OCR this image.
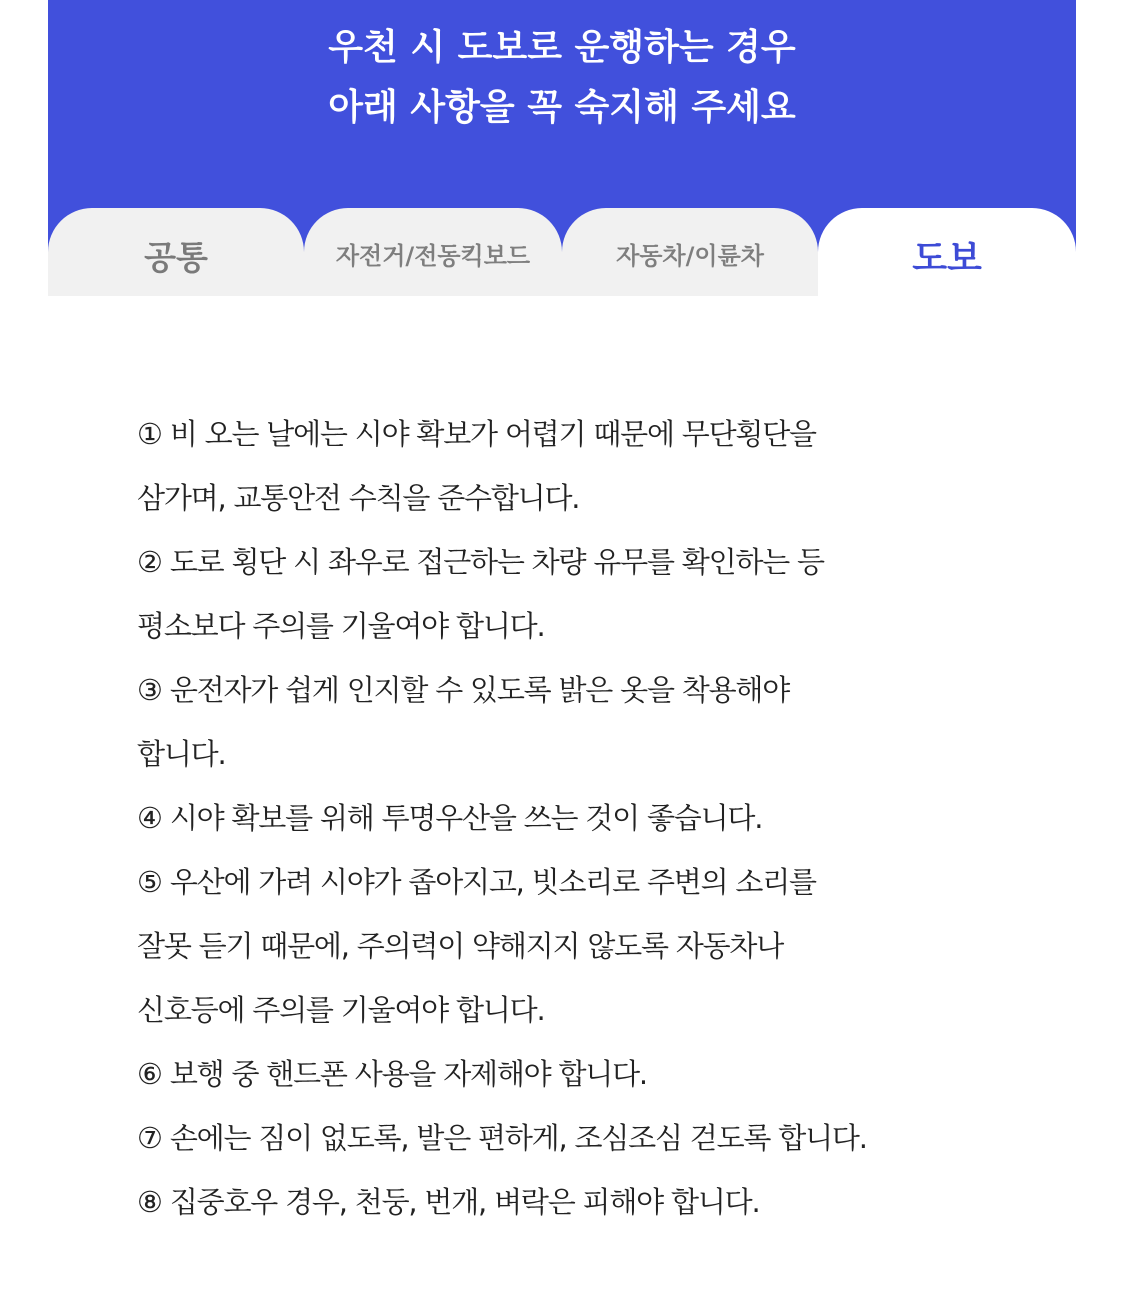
우천 시 도보로 운행하는 경우
아래 사항을 꼭 숙지해 주세요
공통	자전거/전동킥보드	자동차/이륜차	도보
① 비 오는 날에는 시야 확보가 어렵기 때문에 무단횡단을
삼가며, 교통안전 수칙을 준수합니다.
② 도로 횡단 시 좌우로 접근하는 차량 유무를 확인하는 등
평소보다 주의를 기울여야 합니다.
③ 운전자가 쉽게 인지할 수 있도록 밝은 옷을 착용해야
합니다.
④ 시야 확보를 위해 투명우산을 쓰는 것이 좋습니다.
⑤ 우산에 가려 시야가 좁아지고, 빗소리로 주변의 소리를
잘못 듣기 때문에, 주의력이 약해지지 않도록 자동차나
신호등에 주의를 기울여야 합니다.
⑥ 보행 중 핸드폰 사용을 자제해야 합니다.
⑦ 손에는 짐이 없도록, 발은 편하게, 조심조심 걷도록 합니다.
⑧ 집중호우 경우, 천둥, 번개, 벼락은 피해야 합니다.
